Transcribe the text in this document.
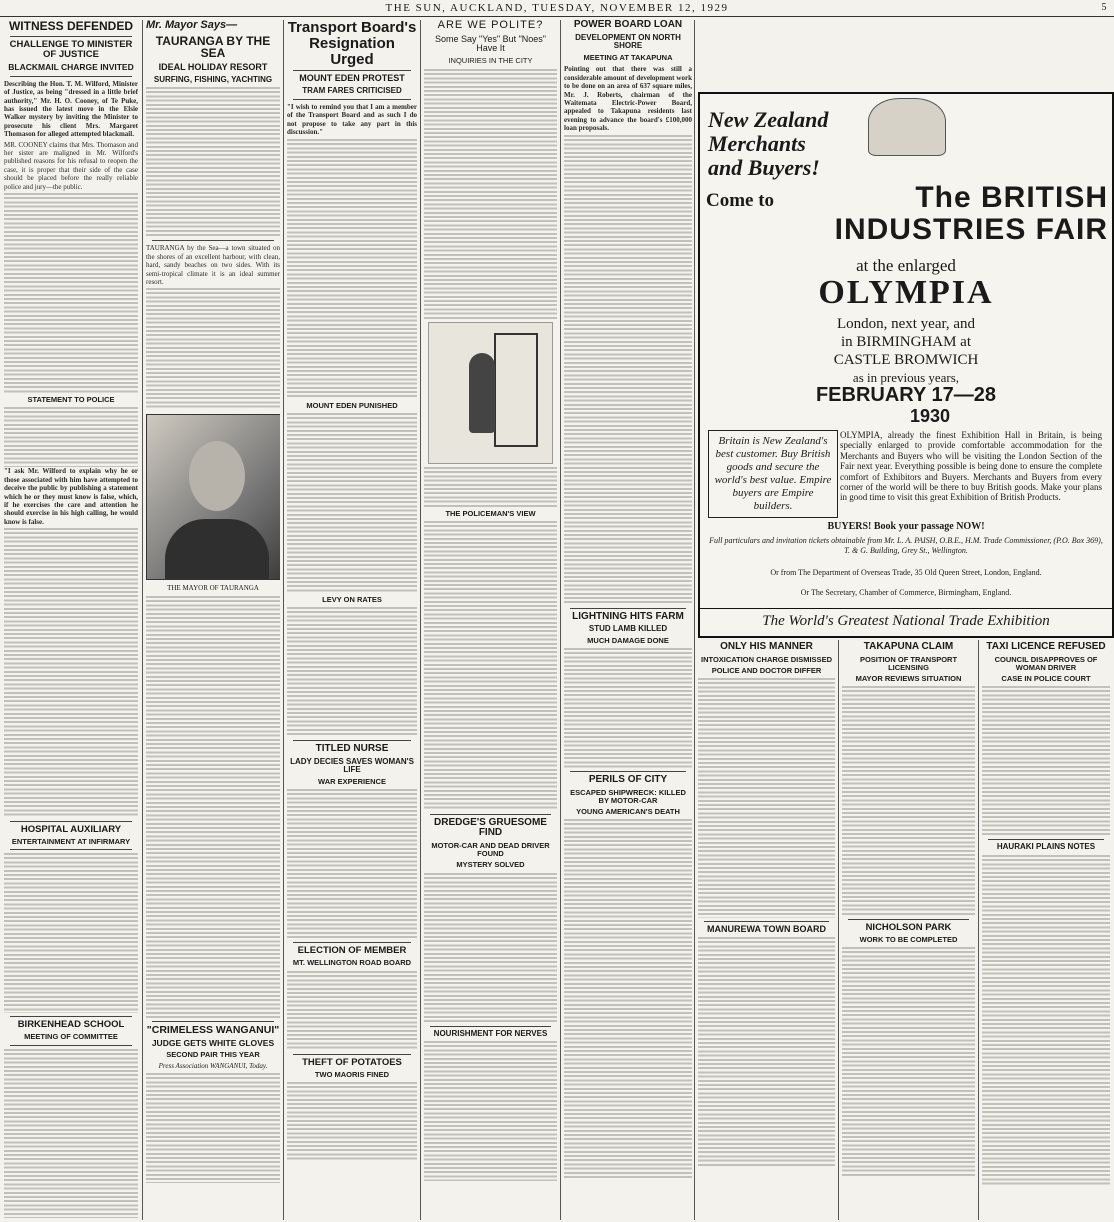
THE SUN, AUCKLAND, TUESDAY, NOVEMBER 12, 1929	5
WITNESS DEFENDED
CHALLENGE TO MINISTER OF JUSTICE
BLACKMAIL CHARGE INVITED

Describing the Hon. T. M. Wilford, Minister of Justice, as being "dressed in a little brief authority," Mr. H. O. Cooney, of Te Puke, has issued the latest move in the Elsie Walker mystery by inviting the Minister to prosecute his client Mrs. Margaret Thomason for alleged attempted blackmail.

MR. COONEY claims that Mrs. Thomason and her sister are maligned in Mr. Wilford's published reasons for his refusal to reopen the case, it is proper that their side of the case should be placed before the really reliable police and jury—the public.

STATEMENT TO POLICE

"I ask Mr. Wilford to explain why he or those associated with him have attempted to deceive the public by publishing a statement which he or they must know is false, which, if he exercises the care and attention he should exercise in his high calling, he would know is false.

HOSPITAL AUXILIARY
ENTERTAINMENT AT INFIRMARY
BIRKENHEAD SCHOOL
MEETING OF COMMITTEE
Mr. Mayor Says—
TAURANGA BY THE SEA
IDEAL HOLIDAY RESORT
SURFING, FISHING, YACHTING

TAURANGA by the Sea—a town situated on the shores of an excellent harbour, with clean, hard, sandy beaches on two sides. With its semi-tropical climate it is an ideal summer resort.

THE MAYOR OF TAURANGA
"CRIMELESS WANGANUI"
JUDGE GETS WHITE GLOVES
SECOND PAIR THIS YEAR
Press Association WANGANUI, Today.
Transport Board's Resignation Urged
MOUNT EDEN PROTEST
TRAM FARES CRITICISED

"I wish to remind you that I am a member of the Transport Board and as such I do not propose to take any part in this discussion."

MOUNT EDEN PUNISHED
LEVY ON RATES
TITLED NURSE
LADY DECIES SAVES WOMAN'S LIFE
WAR EXPERIENCE
ELECTION OF MEMBER
MT. WELLINGTON ROAD BOARD
THEFT OF POTATOES
TWO MAORIS FINED
ARE WE POLITE?
Some Say "Yes" But "Noes" Have It
INQUIRIES IN THE CITY
THE POLICEMAN'S VIEW
DREDGE'S GRUESOME FIND
MOTOR-CAR AND DEAD DRIVER FOUND
MYSTERY SOLVED
NOURISHMENT FOR NERVES
POWER BOARD LOAN
DEVELOPMENT ON NORTH SHORE
MEETING AT TAKAPUNA

Pointing out that there was still a considerable amount of development work to be done on an area of 637 square miles, Mr. J. Roberts, chairman of the Waitemata Electric-Power Board, appealed to Takapuna residents last evening to advance the board's £100,000 loan proposals.

LIGHTNING HITS FARM
STUD LAMB KILLED
MUCH DAMAGE DONE
PERILS OF CITY
ESCAPED SHIPWRECK: KILLED BY MOTOR-CAR
YOUNG AMERICAN'S DEATH
New Zealand
Merchants
and Buyers!
Come to	The BRITISH
INDUSTRIES FAIR
at the enlarged
OLYMPIA
London, next year, and
in BIRMINGHAM at
CASTLE BROMWICH
as in previous years,
FEBRUARY 17—28
1930
Britain is New Zealand's best customer. Buy British goods and secure the world's best value. Empire buyers are Empire builders.
OLYMPIA, already the finest Exhibition Hall in Britain, is being specially enlarged to provide comfortable accommodation for the Merchants and Buyers who will be visiting the London Section of the Fair next year. Everything possible is being done to ensure the complete comfort of Exhibitors and Buyers. Merchants and Buyers from every corner of the world will be there to buy British goods. Make your plans in good time to visit this great Exhibition of British Products.
BUYERS! Book your passage NOW!
Full particulars and invitation tickets obtainable from Mr. L. A. PAISH, O.B.E., H.M. Trade Commissioner, (P.O. Box 369), T. & G. Building, Grey St., Wellington.
Or from The Department of Overseas Trade, 35 Old Queen Street, London, England.
Or The Secretary, Chamber of Commerce, Birmingham, England.
The World's Greatest National Trade Exhibition
ONLY HIS MANNER
INTOXICATION CHARGE DISMISSED
POLICE AND DOCTOR DIFFER
MANUREWA TOWN BOARD
TAKAPUNA CLAIM
POSITION OF TRANSPORT LICENSING
MAYOR REVIEWS SITUATION
NICHOLSON PARK
WORK TO BE COMPLETED
TAXI LICENCE REFUSED
COUNCIL DISAPPROVES OF WOMAN DRIVER
CASE IN POLICE COURT
HAURAKI PLAINS NOTES
